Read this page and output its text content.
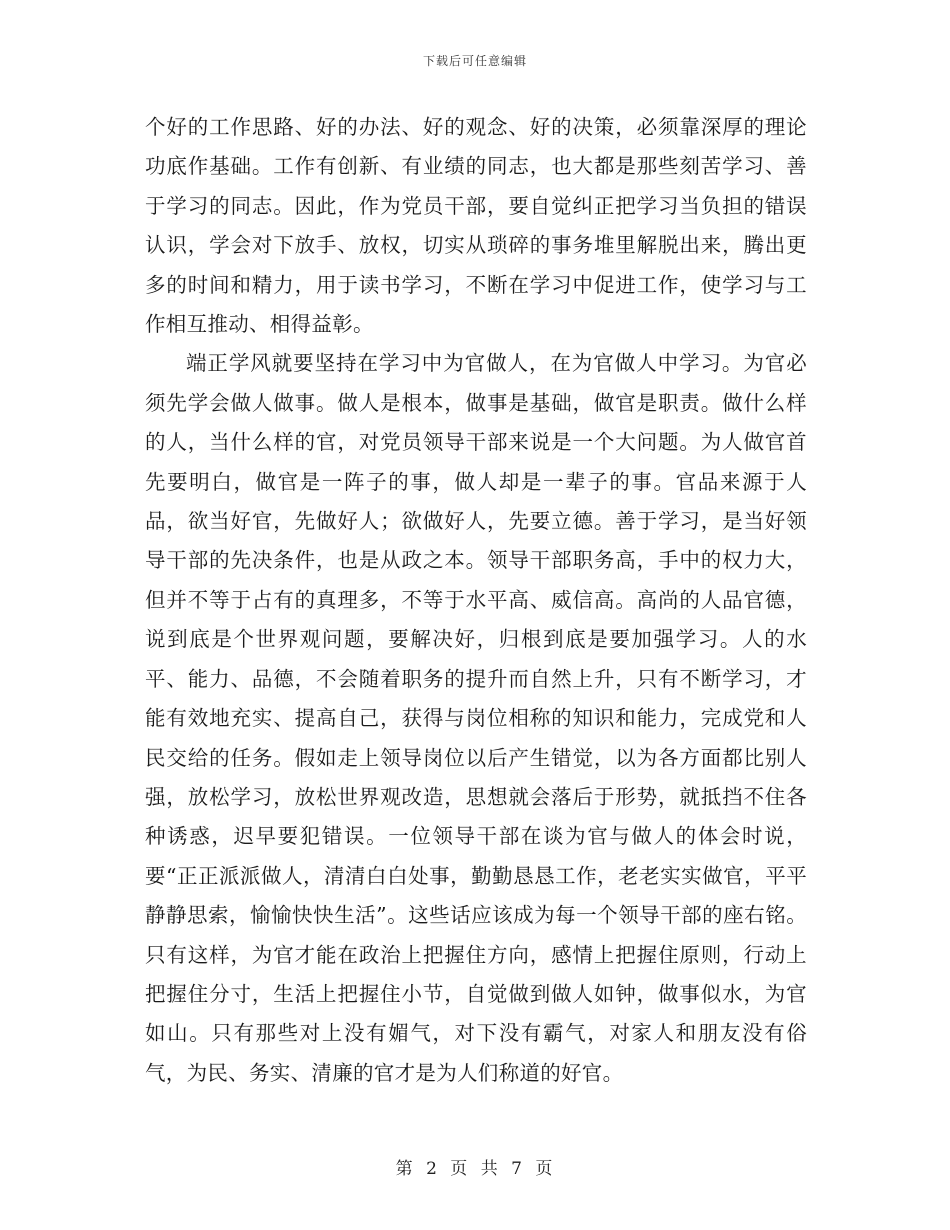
下载后可任意编辑

个好的工作思路、好的办法、好的观念、好的决策，必须靠深厚的理论功底作基础。工作有创新、有业绩的同志，也大都是那些刻苦学习、善于学习的同志。因此，作为党员干部，要自觉纠正把学习当负担的错误认识，学会对下放手、放权，切实从琐碎的事务堆里解脱出来，腾出更多的时间和精力，用于读书学习，不断在学习中促进工作，使学习与工作相互推动、相得益彰。

端正学风就要坚持在学习中为官做人，在为官做人中学习。为官必须先学会做人做事。做人是根本，做事是基础，做官是职责。做什么样的人，当什么样的官，对党员领导干部来说是一个大问题。为人做官首先要明白，做官是一阵子的事，做人却是一辈子的事。官品来源于人品，欲当好官，先做好人；欲做好人，先要立德。善于学习，是当好领导干部的先决条件，也是从政之本。领导干部职务高，手中的权力大，但并不等于占有的真理多，不等于水平高、威信高。高尚的人品官德，说到底是个世界观问题，要解决好，归根到底是要加强学习。人的水平、能力、品德，不会随着职务的提升而自然上升，只有不断学习，才能有效地充实、提高自己，获得与岗位相称的知识和能力，完成党和人民交给的任务。假如走上领导岗位以后产生错觉，以为各方面都比别人强，放松学习，放松世界观改造，思想就会落后于形势，就抵挡不住各种诱惑，迟早要犯错误。一位领导干部在谈为官与做人的体会时说，要“正正派派做人，清清白白处事，勤勤恳恳工作，老老实实做官，平平静静思索，愉愉快快生活”。这些话应该成为每一个领导干部的座右铭。只有这样，为官才能在政治上把握住方向，感情上把握住原则，行动上把握住分寸，生活上把握住小节，自觉做到做人如钟，做事似水，为官如山。只有那些对上没有媚气，对下没有霸气，对家人和朋友没有俗气，为民、务实、清廉的官才是为人们称道的好官。

第 2 页 共 7 页
